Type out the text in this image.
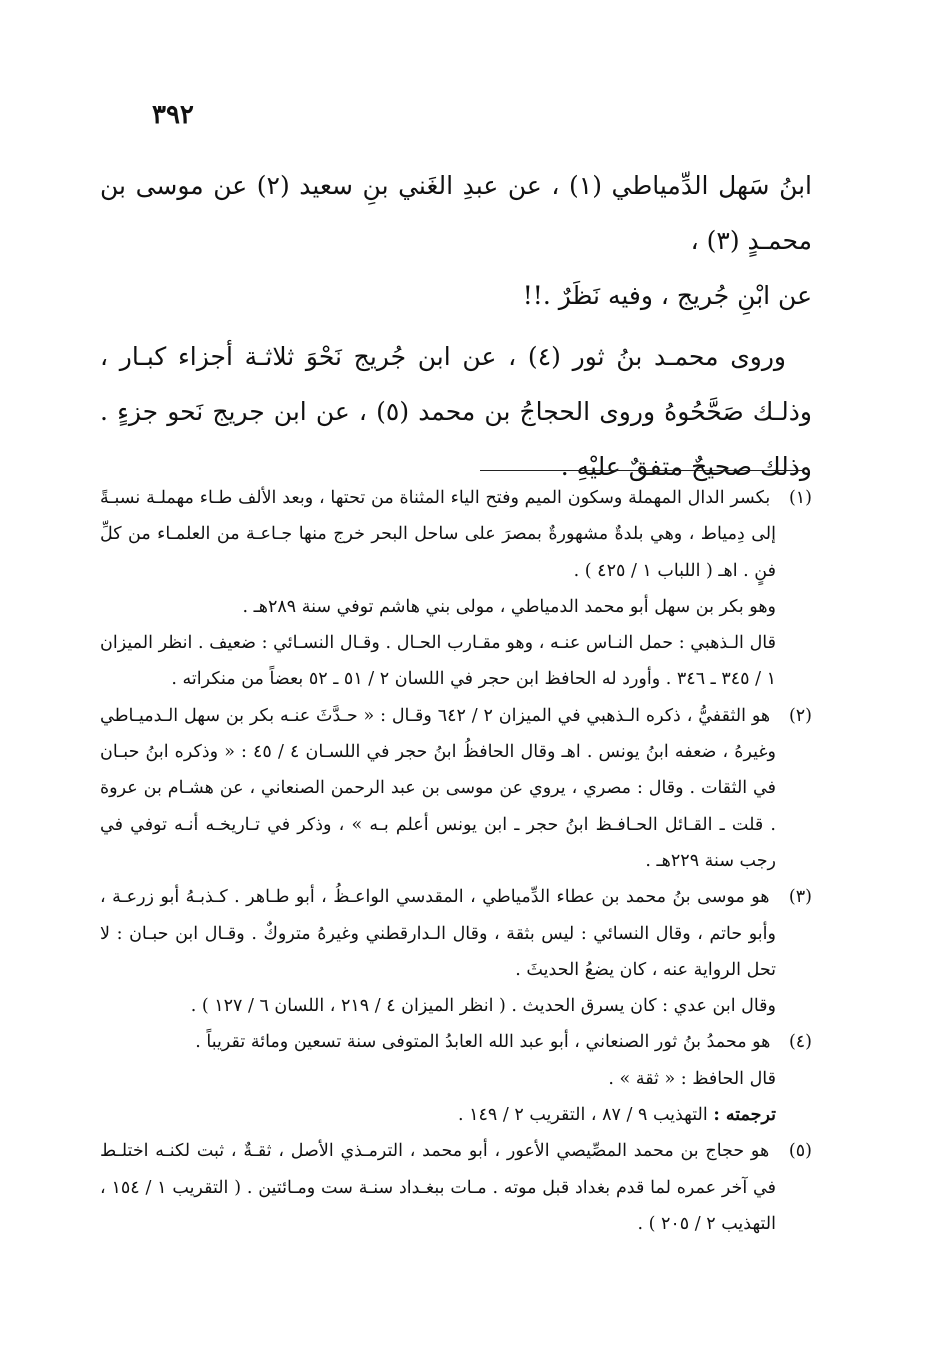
٣٩٢

ابنُ سَهل الدِّمياطي (١) ، عن عبدِ الغَني بنِ سعيد (٢) عن موسى بن محمـدٍ (٣) ،

عن ابْنِ جُريج ، وفيه نَظَرٌ .!!

وروى محمـد بنُ ثور (٤) ، عن ابن جُريج نَحْوَ ثلاثـة أجزاء كبـار ، وذلـك صَحَّحُوهُ وروى الحجاجُ بن محمد (٥) ، عن ابن جريج نَحو جزءٍ . وذلك صحيحٌ متفقٌ عليْهِ .

(١) بكسر الدال المهملة وسكون الميم وفتح الياء المثناة من تحتها ، وبعد الألف طـاء مهملـة نسبـةً إلى دِمياط ، وهي بلدةٌ مشهورةٌ بمصرَ على ساحل البحر خرج منها جـاعـة من العلمـاء من كلِّ فنٍ . اهـ ( اللباب ١ / ٤٢٥ ) .
وهو بكر بن سهل أبو محمد الدمياطي ، مولى بني هاشم توفي سنة ٢٨٩هـ .
قال الـذهبي : حمل النـاس عنـه ، وهو مقـارب الحـال . وقـال النسـائي : ضعيف . انظر الميزان ١ / ٣٤٥ ـ ٣٤٦ . وأورد له الحافظ ابن حجر في اللسان ٢ / ٥١ ـ ٥٢ بعضاً من منكراته .
(٢) هو الثقفيُّ ، ذكره الـذهبي في الميزان ٢ / ٦٤٢ وقـال : « حـدَّثَ عنـه بكر بن سهل الـدميـاطي وغيرهُ ، ضعفه ابنُ يونس . اهـ وقال الحافظُ ابنُ حجر في اللسـان ٤ / ٤٥ : « وذكره ابنُ حبـان في الثقات . وقال : مصري ، يروي عن موسى بن عبد الرحمن الصنعاني ، عن هشـام بن عروة . قلت ـ القـائل الحـافـظ ابنُ حجر ـ ابن يونس أعلم بـه » ، وذكر في تـاريخـه أنـه توفي في رجب سنة ٢٢٩هـ .
(٣) هو موسى بنُ محمد بن عطاء الدِّمياطي ، المقدسي الواعـظُ ، أبو طـاهر . كـذبـهُ أبو زرعـة ، وأبو حاتم ، وقال النسائي : ليس بثقة ، وقال الـدارقطني وغيرهُ متروكٌ . وقـال ابن حبـان : لا تحل الرواية عنه ، كان يضعُ الحديثَ .
وقال ابن عدي : كان يسرق الحديث . ( انظر الميزان ٤ / ٢١٩ ، اللسان ٦ / ١٢٧ ) .
(٤) هو محمدُ بنُ ثور الصنعاني ، أبو عبد الله العابدُ المتوفى سنة تسعين ومائة تقريباً .
قال الحافظ : « ثقة » .
ترجمته : التهذيب ٩ / ٨٧ ، التقريب ٢ / ١٤٩ .
(٥) هو حجاج بن محمد المصِّيصي الأعور ، أبو محمد ، الترمـذي الأصل ، ثقـةٌ ، ثبت لكنـه اختلـط في آخر عمره لما قدم بغداد قبل موته . مـات ببغـداد سنـة ست ومـائتين . ( التقريب ١ / ١٥٤ ، التهذيب ٢ / ٢٠٥ ) .
